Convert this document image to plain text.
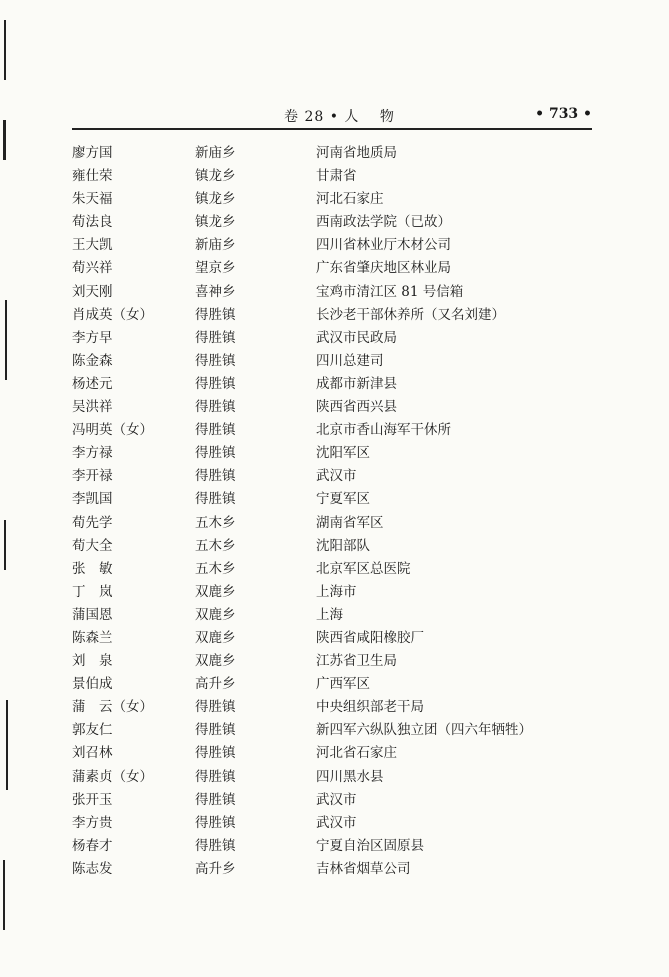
卷 28 • 人　 物	• 733 •
廖方国	新庙乡	河南省地质局
雍仕荣	镇龙乡	甘肃省
朱天福	镇龙乡	河北石家庄
荀法良	镇龙乡	西南政法学院（已故）
王大凯	新庙乡	四川省林业厅木材公司
荀兴祥	望京乡	广东省肇庆地区林业局
刘天刚	喜神乡	宝鸡市清江区 81 号信箱
肖成英（女）	得胜镇	长沙老干部休养所（又名刘建）
李方早	得胜镇	武汉市民政局
陈金森	得胜镇	四川总建司
杨述元	得胜镇	成都市新津县
吴洪祥	得胜镇	陕西省西兴县
冯明英（女）	得胜镇	北京市香山海军干休所
李方禄	得胜镇	沈阳军区
李开禄	得胜镇	武汉市
李凯国	得胜镇	宁夏军区
荀先学	五木乡	湖南省军区
荀大全	五木乡	沈阳部队
张　敏	五木乡	北京军区总医院
丁　岚	双鹿乡	上海市
蒲国恩	双鹿乡	上海
陈森兰	双鹿乡	陕西省咸阳橡胶厂
刘　泉	双鹿乡	江苏省卫生局
景伯成	高升乡	广西军区
蒲　云（女）	得胜镇	中央组织部老干局
郭友仁	得胜镇	新四军六纵队独立团（四六年牺牲）
刘召林	得胜镇	河北省石家庄
蒲素贞（女）	得胜镇	四川黑水县
张开玉	得胜镇	武汉市
李方贵	得胜镇	武汉市
杨春才	得胜镇	宁夏自治区固原县
陈志发	高升乡	吉林省烟草公司
